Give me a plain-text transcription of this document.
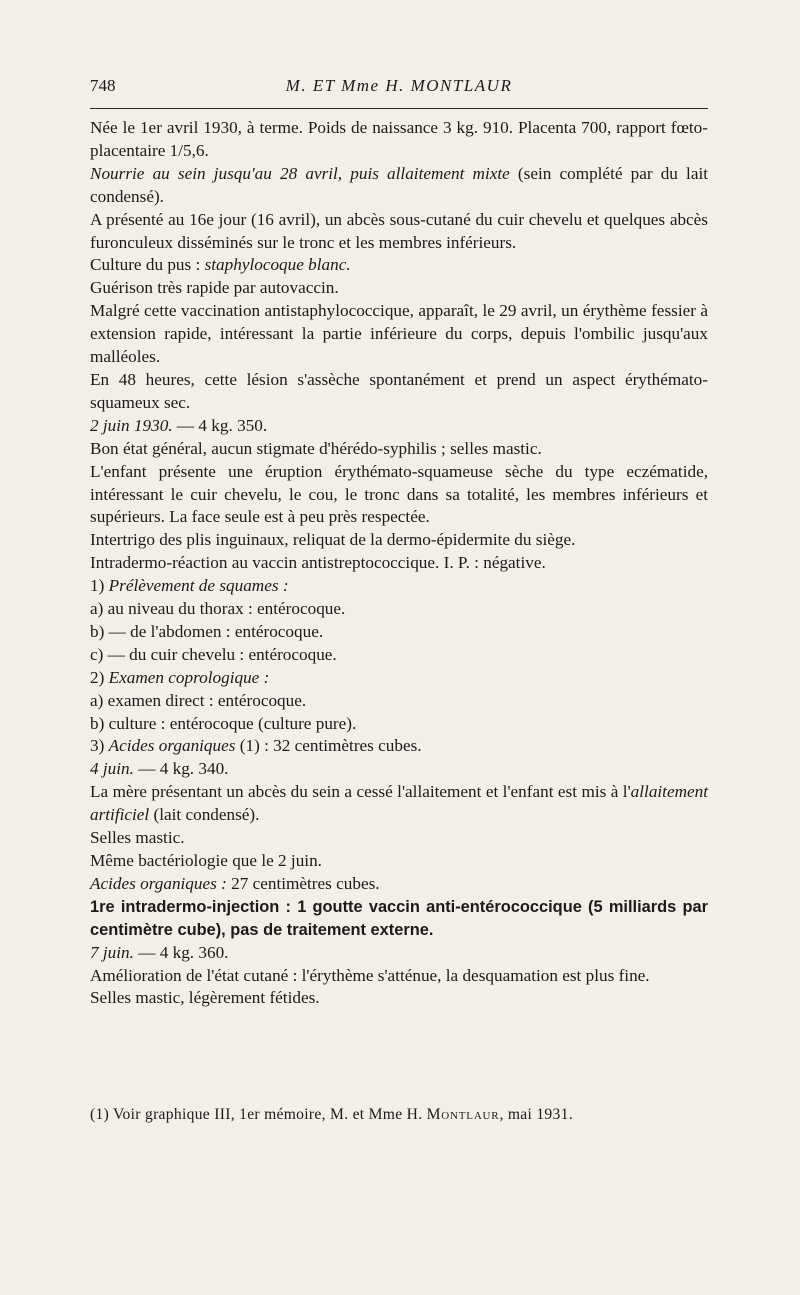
748	M. ET Mme H. MONTLAUR

Née le 1er avril 1930, à terme. Poids de naissance 3 kg. 910. Placenta 700, rapport fœto-placentaire 1/5,6.

Nourrie au sein jusqu'au 28 avril, puis allaitement mixte (sein complété par du lait condensé).

A présenté au 16e jour (16 avril), un abcès sous-cutané du cuir chevelu et quelques abcès furonculeux disséminés sur le tronc et les membres inférieurs.

Culture du pus : staphylocoque blanc.

Guérison très rapide par autovaccin.

Malgré cette vaccination antistaphylococcique, apparaît, le 29 avril, un érythème fessier à extension rapide, intéressant la partie inférieure du corps, depuis l'ombilic jusqu'aux malléoles.

En 48 heures, cette lésion s'assèche spontanément et prend un aspect érythémato-squameux sec.

2 juin 1930. — 4 kg. 350.

Bon état général, aucun stigmate d'hérédo-syphilis ; selles mastic.

L'enfant présente une éruption érythémato-squameuse sèche du type eczématide, intéressant le cuir chevelu, le cou, le tronc dans sa totalité, les membres inférieurs et supérieurs. La face seule est à peu près respectée.

Intertrigo des plis inguinaux, reliquat de la dermo-épidermite du siège.

Intradermo-réaction au vaccin antistreptococcique. I. P. : négative.

1) Prélèvement de squames :

a) au niveau du thorax : entérocoque.

b) — de l'abdomen : entérocoque.

c) — du cuir chevelu : entérocoque.

2) Examen coprologique :

a) examen direct : entérocoque.

b) culture : entérocoque (culture pure).

3) Acides organiques (1) : 32 centimètres cubes.

4 juin. — 4 kg. 340.

La mère présentant un abcès du sein a cessé l'allaitement et l'enfant est mis à l'allaitement artificiel (lait condensé).

Selles mastic.

Même bactériologie que le 2 juin.

Acides organiques : 27 centimètres cubes.

1re intradermo-injection : 1 goutte vaccin anti-entérococcique (5 milliards par centimètre cube), pas de traitement externe.

7 juin. — 4 kg. 360.

Amélioration de l'état cutané : l'érythème s'atténue, la desquamation est plus fine.

Selles mastic, légèrement fétides.

(1) Voir graphique III, 1er mémoire, M. et Mme H. Montlaur, mai 1931.
